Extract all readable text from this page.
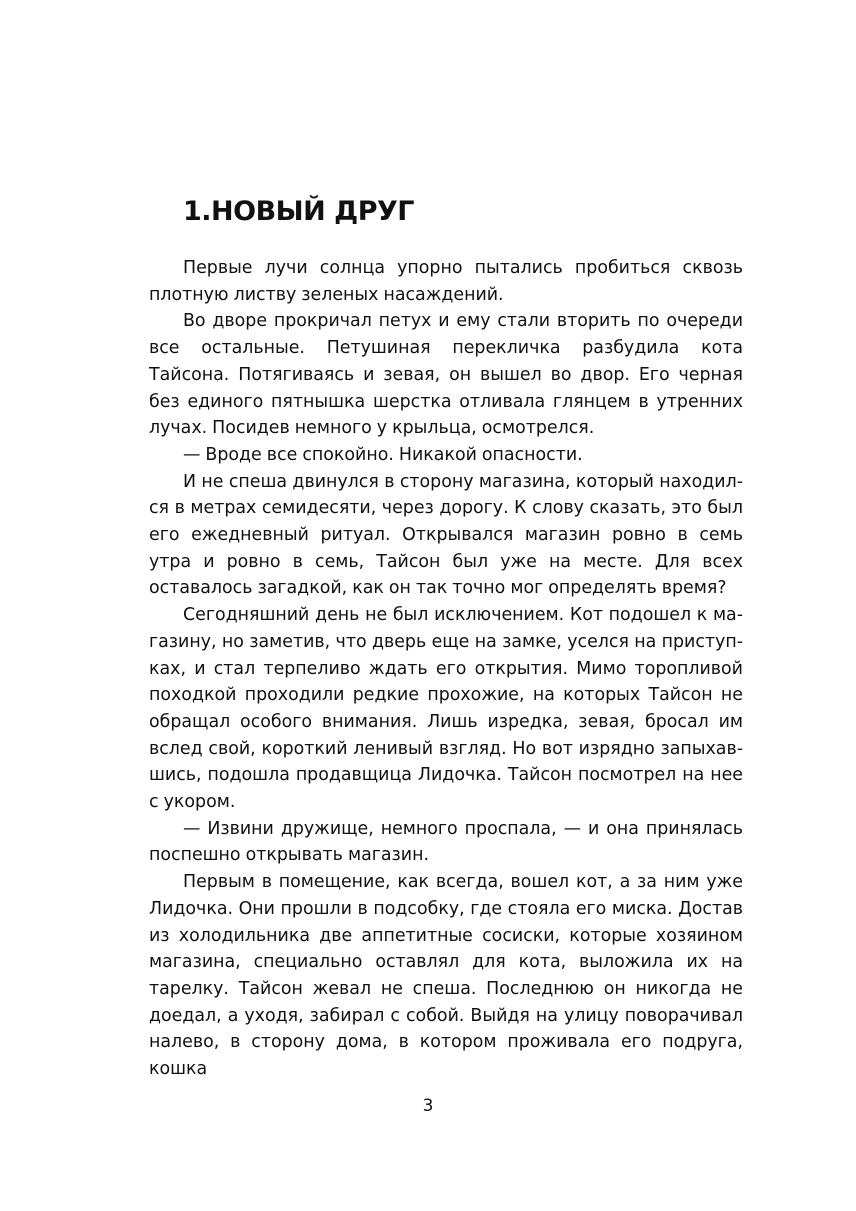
1.НОВЫЙ ДРУГ

Первые лучи солнца упорно пытались пробиться сквозь плотную листву зеленых насаждений.

Во дворе прокричал петух и ему стали вторить по очереди все остальные. Петушиная перекличка разбудила кота Тайсона. Потягиваясь и зевая, он вышел во двор. Его черная без единого пятнышка шерстка отливала глянцем в утренних лучах. Посидев немного у крыльца, осмотрелся.

— Вроде все спокойно. Никакой опасности.

И не спеша двинулся в сторону магазина, который находился в метрах семидесяти, через дорогу. К слову сказать, это был его ежедневный ритуал. Открывался магазин ровно в семь утра и ровно в семь, Тайсон был уже на месте. Для всех оставалось загадкой, как он так точно мог определять время?

Сегодняшний день не был исключением. Кот подошел к магазину, но заметив, что дверь еще на замке, уселся на приступках, и стал терпеливо ждать его открытия. Мимо торопливой походкой проходили редкие прохожие, на которых Тайсон не обращал особого внимания. Лишь изредка, зевая, бросал им вслед свой, короткий ленивый взгляд. Но вот изрядно запыхавшись, подошла продавщица Лидочка. Тайсон посмотрел на нее с укором.

— Извини дружище, немного проспала, — и она принялась поспешно открывать магазин.

Первым в помещение, как всегда, вошел кот, а за ним уже Лидочка. Они прошли в подсобку, где стояла его миска. Достав из холодильника две аппетитные сосиски, которые хозяином магазина, специально оставлял для кота, выложила их на тарелку. Тайсон жевал не спеша. Последнюю он никогда не доедал, а уходя, забирал с собой. Выйдя на улицу поворачивал налево, в сторону дома, в котором проживала его подруга, кошка

3
